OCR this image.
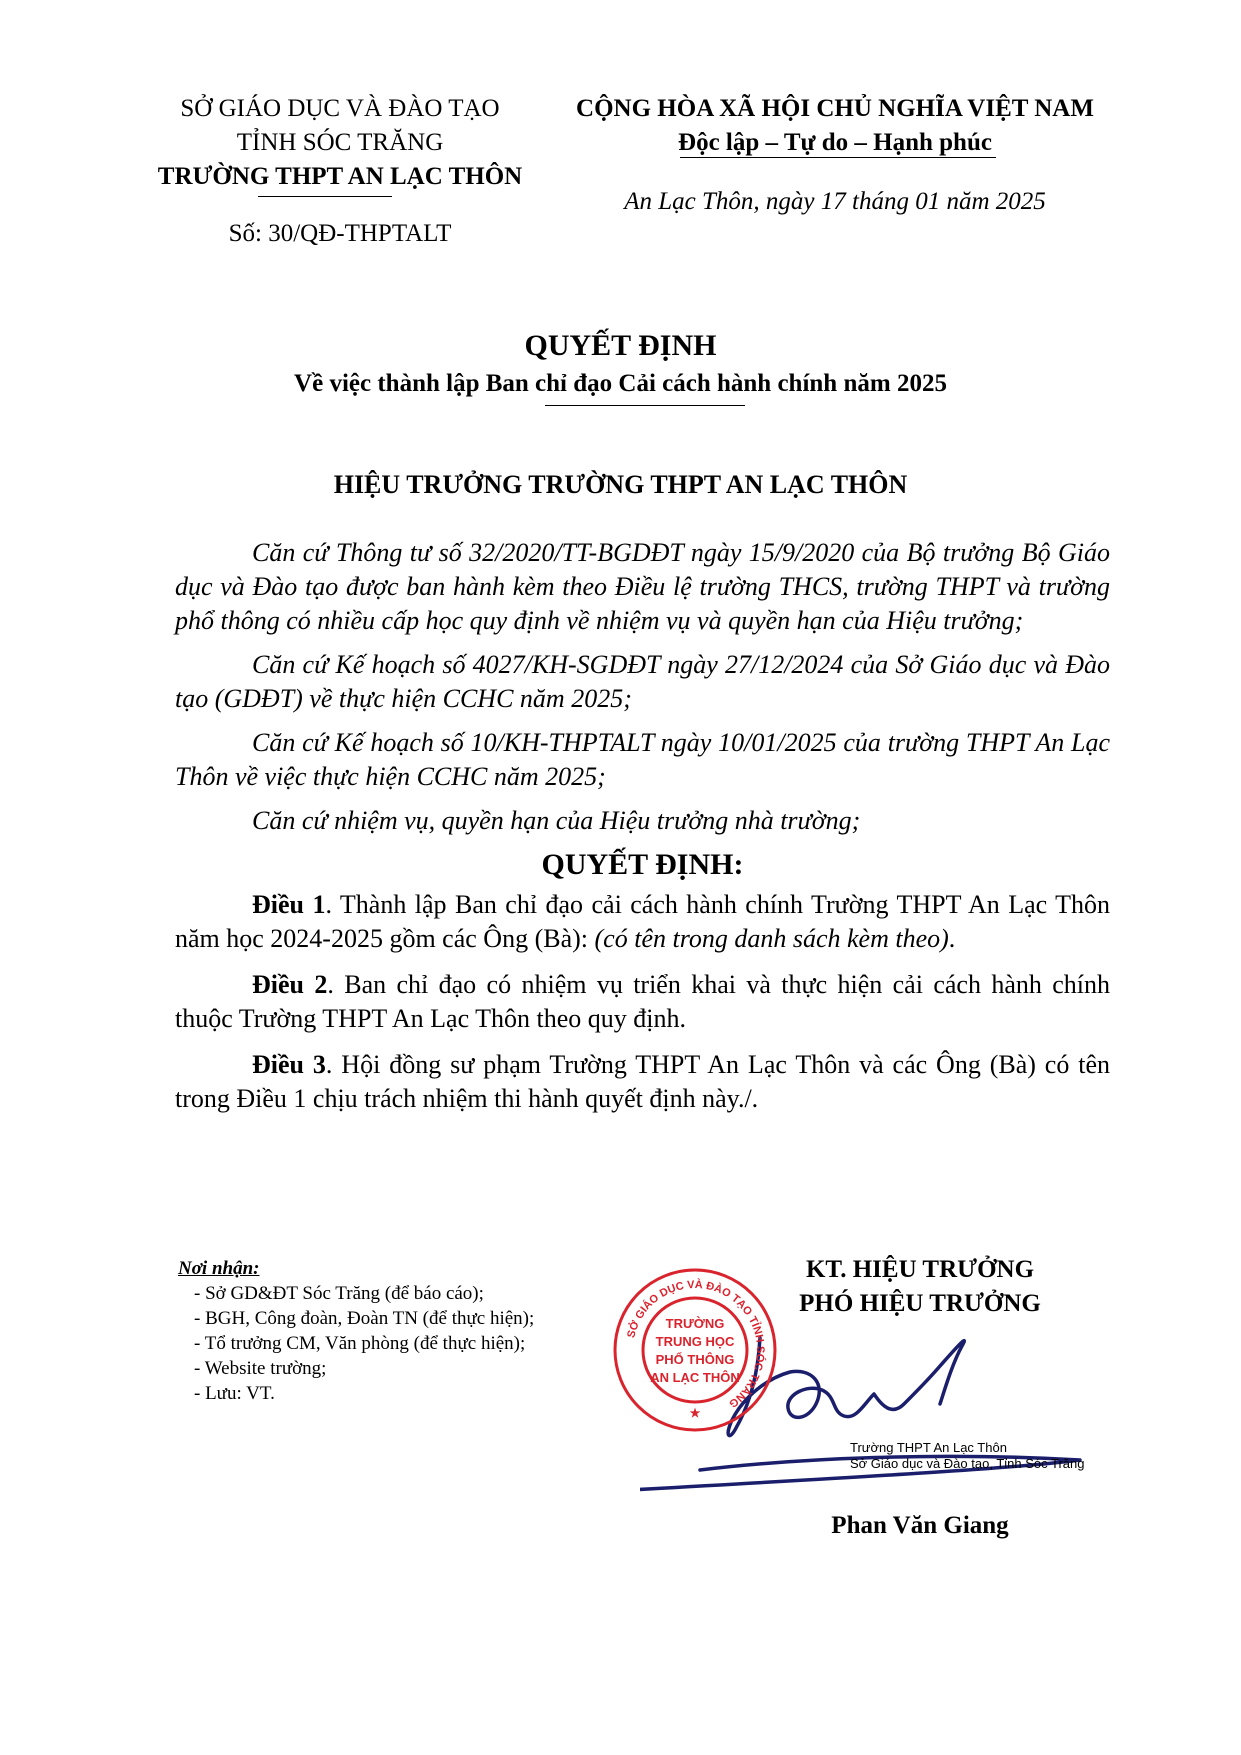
SỞ GIÁO DỤC VÀ ĐÀO TẠO
TỈNH SÓC TRĂNG
TRƯỜNG THPT AN LẠC THÔN
Số: 30/QĐ-THPTALT
CỘNG HÒA XÃ HỘI CHỦ NGHĨA VIỆT NAM
Độc lập – Tự do – Hạnh phúc
An Lạc Thôn, ngày 17 tháng 01 năm 2025
QUYẾT ĐỊNH
Về việc thành lập Ban chỉ đạo Cải cách hành chính năm 2025
HIỆU TRƯỞNG TRƯỜNG THPT AN LẠC THÔN

Căn cứ Thông tư số 32/2020/TT-BGDĐT ngày 15/9/2020 của Bộ trưởng Bộ Giáo dục và Đào tạo được ban hành kèm theo Điều lệ trường THCS, trường THPT và trường phổ thông có nhiều cấp học quy định về nhiệm vụ và quyền hạn của Hiệu trưởng;

Căn cứ Kế hoạch số 4027/KH-SGDĐT ngày 27/12/2024 của Sở Giáo dục và Đào tạo (GDĐT) về thực hiện CCHC năm 2025;

Căn cứ Kế hoạch số 10/KH-THPTALT ngày 10/01/2025 của trường THPT An Lạc Thôn về việc thực hiện CCHC năm 2025;

Căn cứ nhiệm vụ, quyền hạn của Hiệu trưởng nhà trường;

QUYẾT ĐỊNH:

Điều 1. Thành lập Ban chỉ đạo cải cách hành chính Trường THPT An Lạc Thôn năm học 2024-2025 gồm các Ông (Bà): (có tên trong danh sách kèm theo).

Điều 2. Ban chỉ đạo có nhiệm vụ triển khai và thực hiện cải cách hành chính thuộc Trường THPT An Lạc Thôn theo quy định.

Điều 3. Hội đồng sư phạm Trường THPT An Lạc Thôn và các Ông (Bà) có tên trong Điều 1 chịu trách nhiệm thi hành quyết định này./.

Nơi nhận:
- Sở GD&ĐT Sóc Trăng (để báo cáo);
- BGH, Công đoàn, Đoàn TN (để thực hiện);
- Tổ trưởng CM, Văn phòng (để thực hiện);
- Website trường;
- Lưu: VT.
KT. HIỆU TRƯỞNG
PHÓ HIỆU TRƯỞNG
SỞ GIÁO DỤC VÀ ĐÀO TẠO TỈNH SÓC TRĂNG
TRƯỜNG
TRUNG HỌC
PHỔ THÔNG
AN LẠC THÔN
★
Trường THPT An Lạc Thôn
Sở Giáo dục và Đào tạo, Tỉnh Sóc Trăng
Phan Văn Giang
